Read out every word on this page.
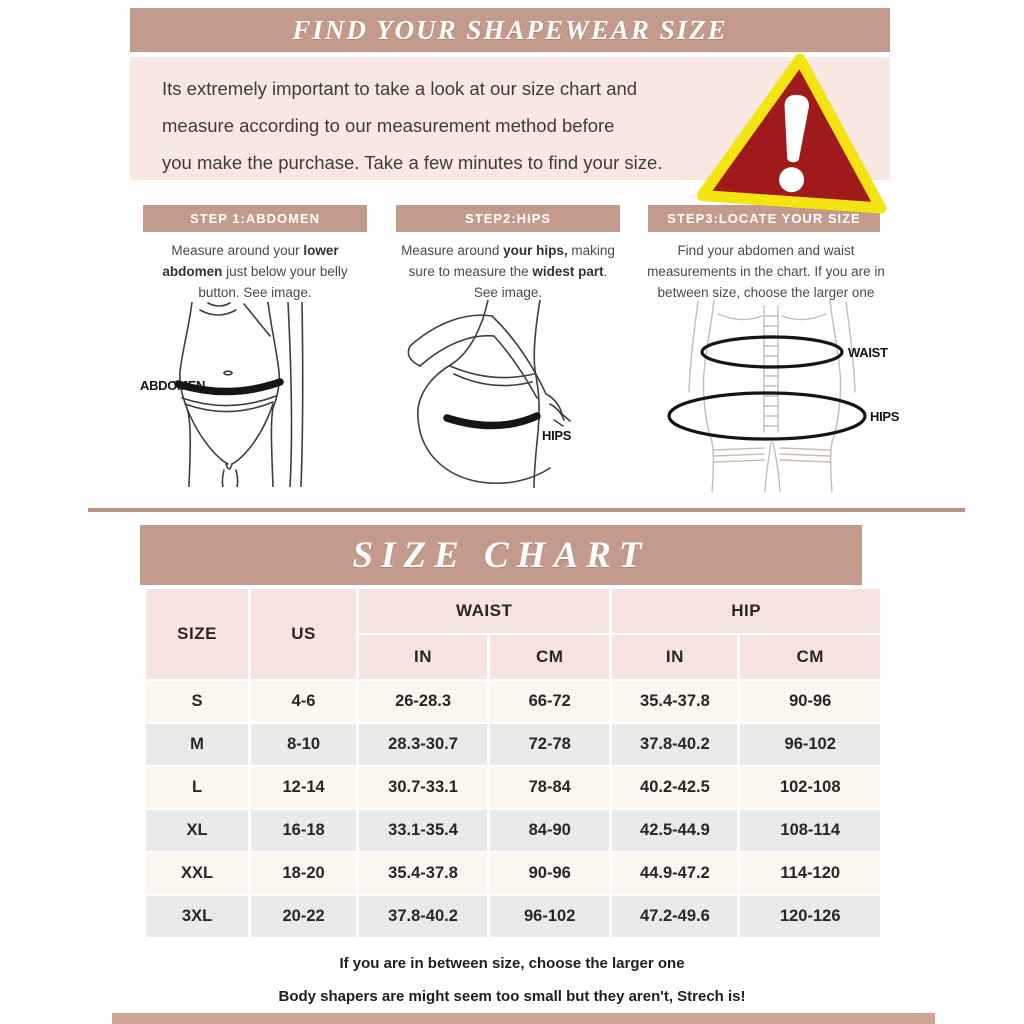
FIND YOUR SHAPEWEAR SIZE
Its extremely important to take a look at our size chart and
measure according to our measurement method before
you make the purchase. Take a few minutes to find your size.
STEP 1:ABDOMEN	STEP2:HIPS	STEP3:LOCATE YOUR SIZE

Measure around your lower abdomen just below your belly button. See image.

Measure around your hips, making sure to measure the widest part. See image.

Find your abdomen and waist measurements in the chart. If you are in between size, choose the larger one

ABDOMEN
HIPS
WAIST
HIPS
SIZE CHART
SIZE	US	WAIST		HIP	
		IN	CM	IN	CM
S	4-6	26-28.3	66-72	35.4-37.8	90-96
M	8-10	28.3-30.7	72-78	37.8-40.2	96-102
L	12-14	30.7-33.1	78-84	40.2-42.5	102-108
XL	16-18	33.1-35.4	84-90	42.5-44.9	108-114
XXL	18-20	35.4-37.8	90-96	44.9-47.2	114-120
3XL	20-22	37.8-40.2	96-102	47.2-49.6	120-126
If you are in between size, choose the larger one
Body shapers are might seem too small but they aren't, Strech is!
